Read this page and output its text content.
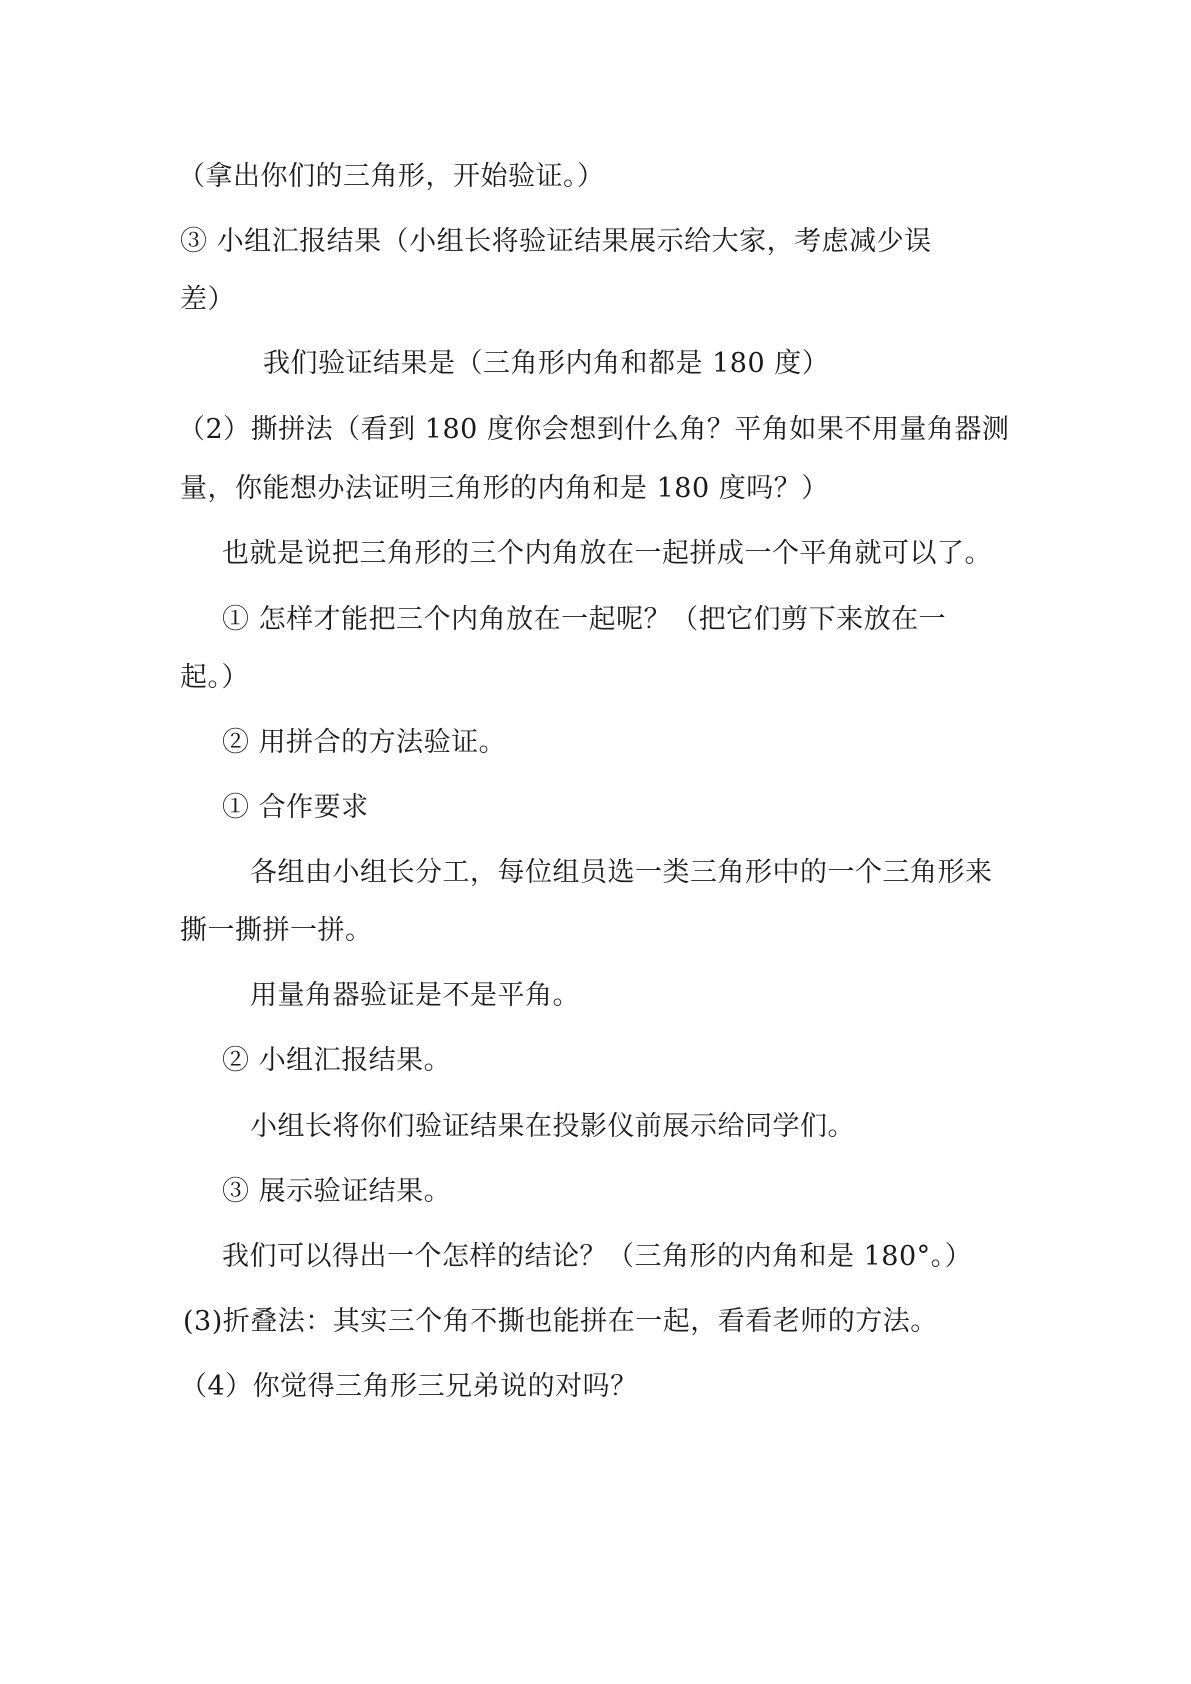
（拿出你们的三角形，开始验证。）
③ 小组汇报结果（小组长将验证结果展示给大家，考虑减少误
差）
我们验证结果是（三角形内角和都是 180 度）
（2）撕拼法（看到 180 度你会想到什么角？平角如果不用量角器测
量，你能想办法证明三角形的内角和是 180 度吗？）
也就是说把三角形的三个内角放在一起拼成一个平角就可以了。
① 怎样才能把三个内角放在一起呢？（把它们剪下来放在一
起。）
② 用拼合的方法验证。
① 合作要求
各组由小组长分工，每位组员选一类三角形中的一个三角形来
撕一撕拼一拼。
用量角器验证是不是平角。
② 小组汇报结果。
小组长将你们验证结果在投影仪前展示给同学们。
③ 展示验证结果。
我们可以得出一个怎样的结论？（三角形的内角和是 180°。）
(3)折叠法：其实三个角不撕也能拼在一起，看看老师的方法。
（4）你觉得三角形三兄弟说的对吗？
